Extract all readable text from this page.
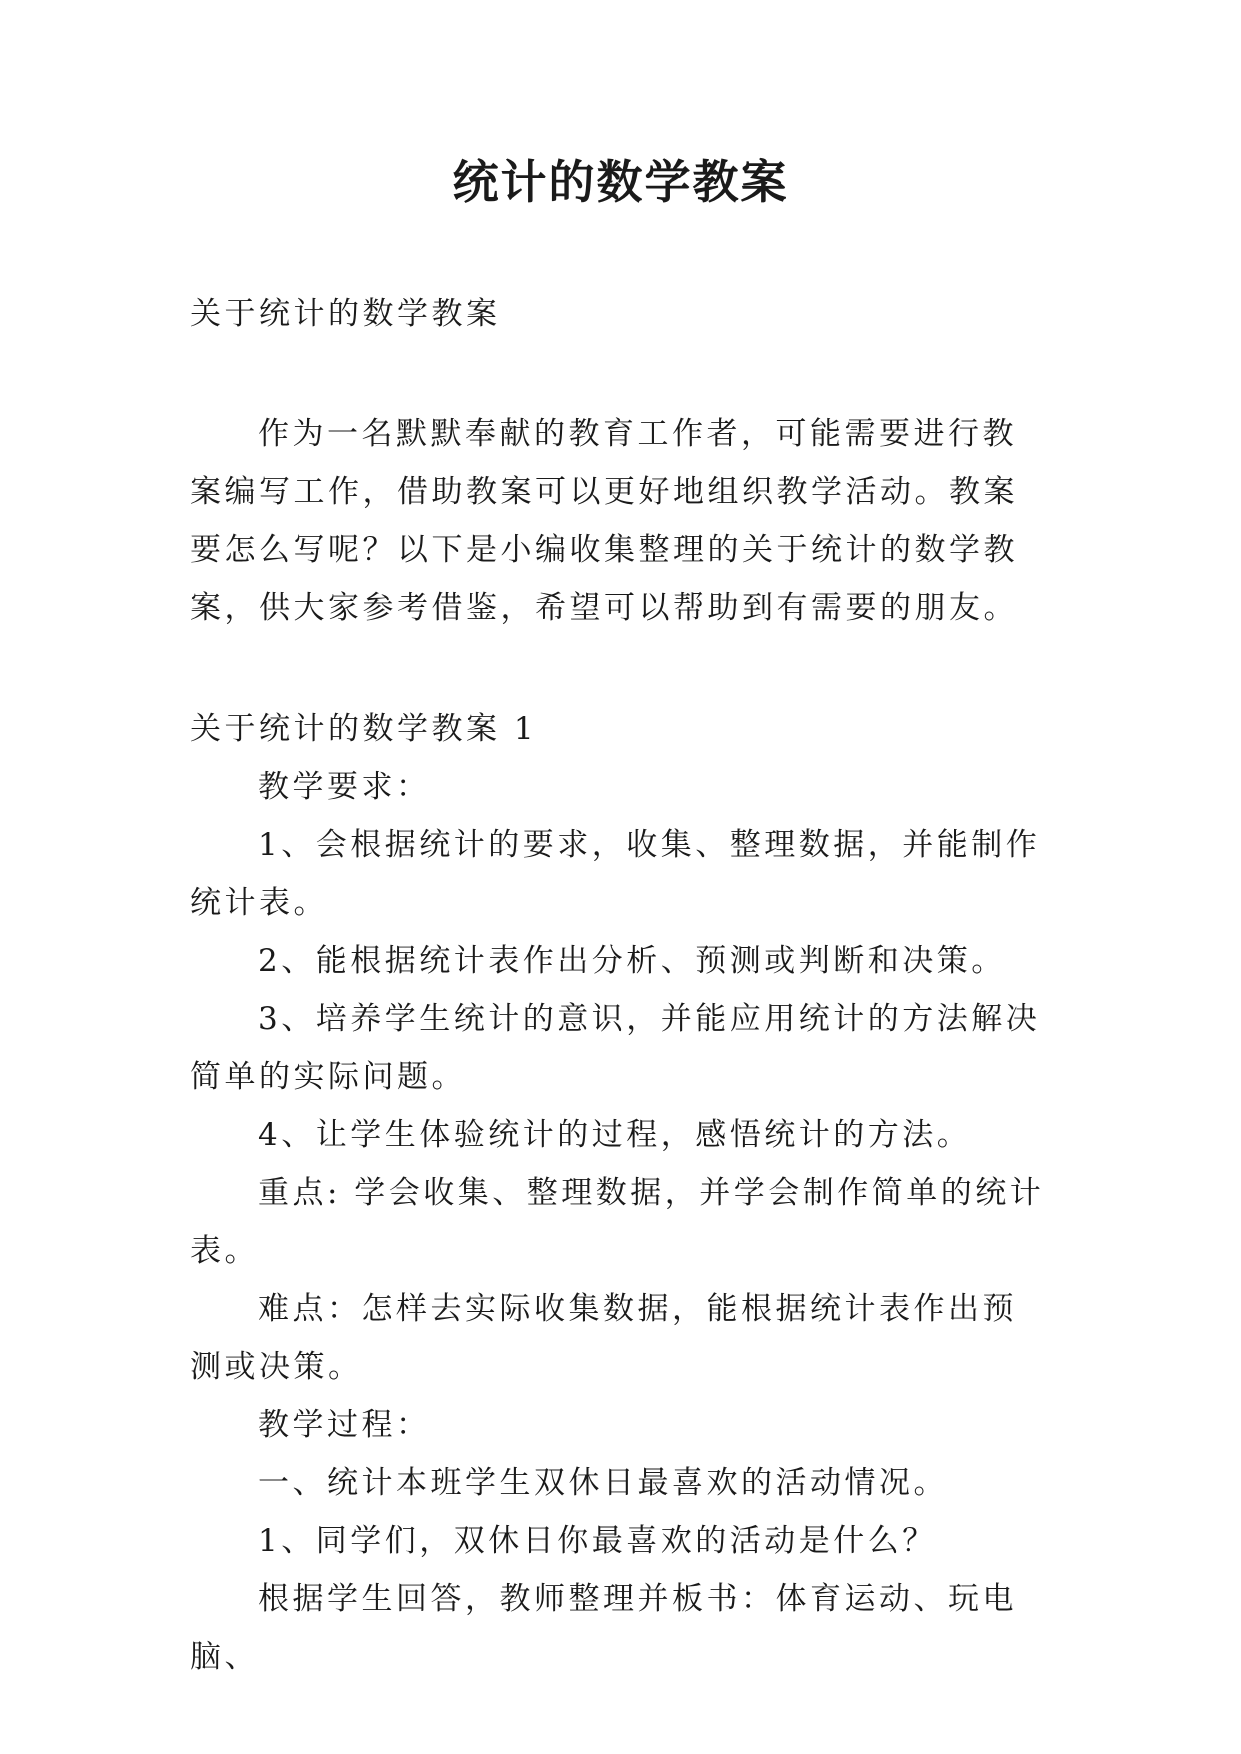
统计的数学教案

关于统计的数学教案

作为一名默默奉献的教育工作者，可能需要进行教案编写工作，借助教案可以更好地组织教学活动。教案要怎么写呢？以下是小编收集整理的关于统计的数学教案，供大家参考借鉴，希望可以帮助到有需要的朋友。

关于统计的数学教案 1

教学要求：

1、会根据统计的要求，收集、整理数据，并能制作统计表。

2、能根据统计表作出分析、预测或判断和决策。

3、培养学生统计的意识，并能应用统计的方法解决简单的实际问题。

4、让学生体验统计的过程，感悟统计的方法。

重点: 学会收集、整理数据，并学会制作简单的统计表。

难点：怎样去实际收集数据，能根据统计表作出预测或决策。

教学过程：

一、统计本班学生双休日最喜欢的活动情况。

1、同学们，双休日你最喜欢的活动是什么？

根据学生回答，教师整理并板书：体育运动、玩电脑、
